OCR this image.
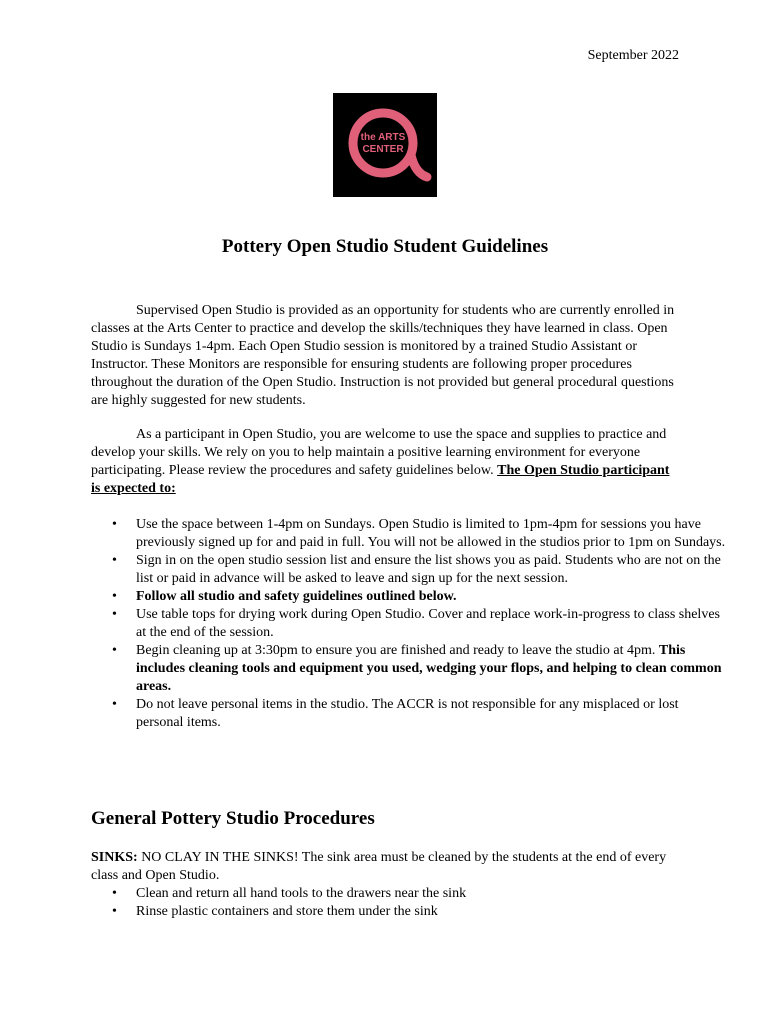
September 2022
the ARTS
CENTER
Pottery Open Studio Student Guidelines

Supervised Open Studio is provided as an opportunity for students who are currently enrolled in classes at the Arts Center to practice and develop the skills/techniques they have learned in class. Open Studio is Sundays 1-4pm. Each Open Studio session is monitored by a trained Studio Assistant or Instructor. These Monitors are responsible for ensuring students are following proper procedures throughout the duration of the Open Studio. Instruction is not provided but general procedural questions are highly suggested for new students.

As a participant in Open Studio, you are welcome to use the space and supplies to practice and develop your skills. We rely on you to help maintain a positive learning environment for everyone participating. Please review the procedures and safety guidelines below. The Open Studio participant is expected to:

• Use the space between 1-4pm on Sundays. Open Studio is limited to 1pm-4pm for sessions you have previously signed up for and paid in full. You will not be allowed in the studios prior to 1pm on Sundays.
• Sign in on the open studio session list and ensure the list shows you as paid. Students who are not on the list or paid in advance will be asked to leave and sign up for the next session.
• Follow all studio and safety guidelines outlined below.
• Use table tops for drying work during Open Studio. Cover and replace work-in-progress to class shelves at the end of the session.
• Begin cleaning up at 3:30pm to ensure you are finished and ready to leave the studio at 4pm. This includes cleaning tools and equipment you used, wedging your flops, and helping to clean common areas.
• Do not leave personal items in the studio. The ACCR is not responsible for any misplaced or lost personal items.
General Pottery Studio Procedures

SINKS: NO CLAY IN THE SINKS! The sink area must be cleaned by the students at the end of every class and Open Studio.

• Clean and return all hand tools to the drawers near the sink
• Rinse plastic containers and store them under the sink
